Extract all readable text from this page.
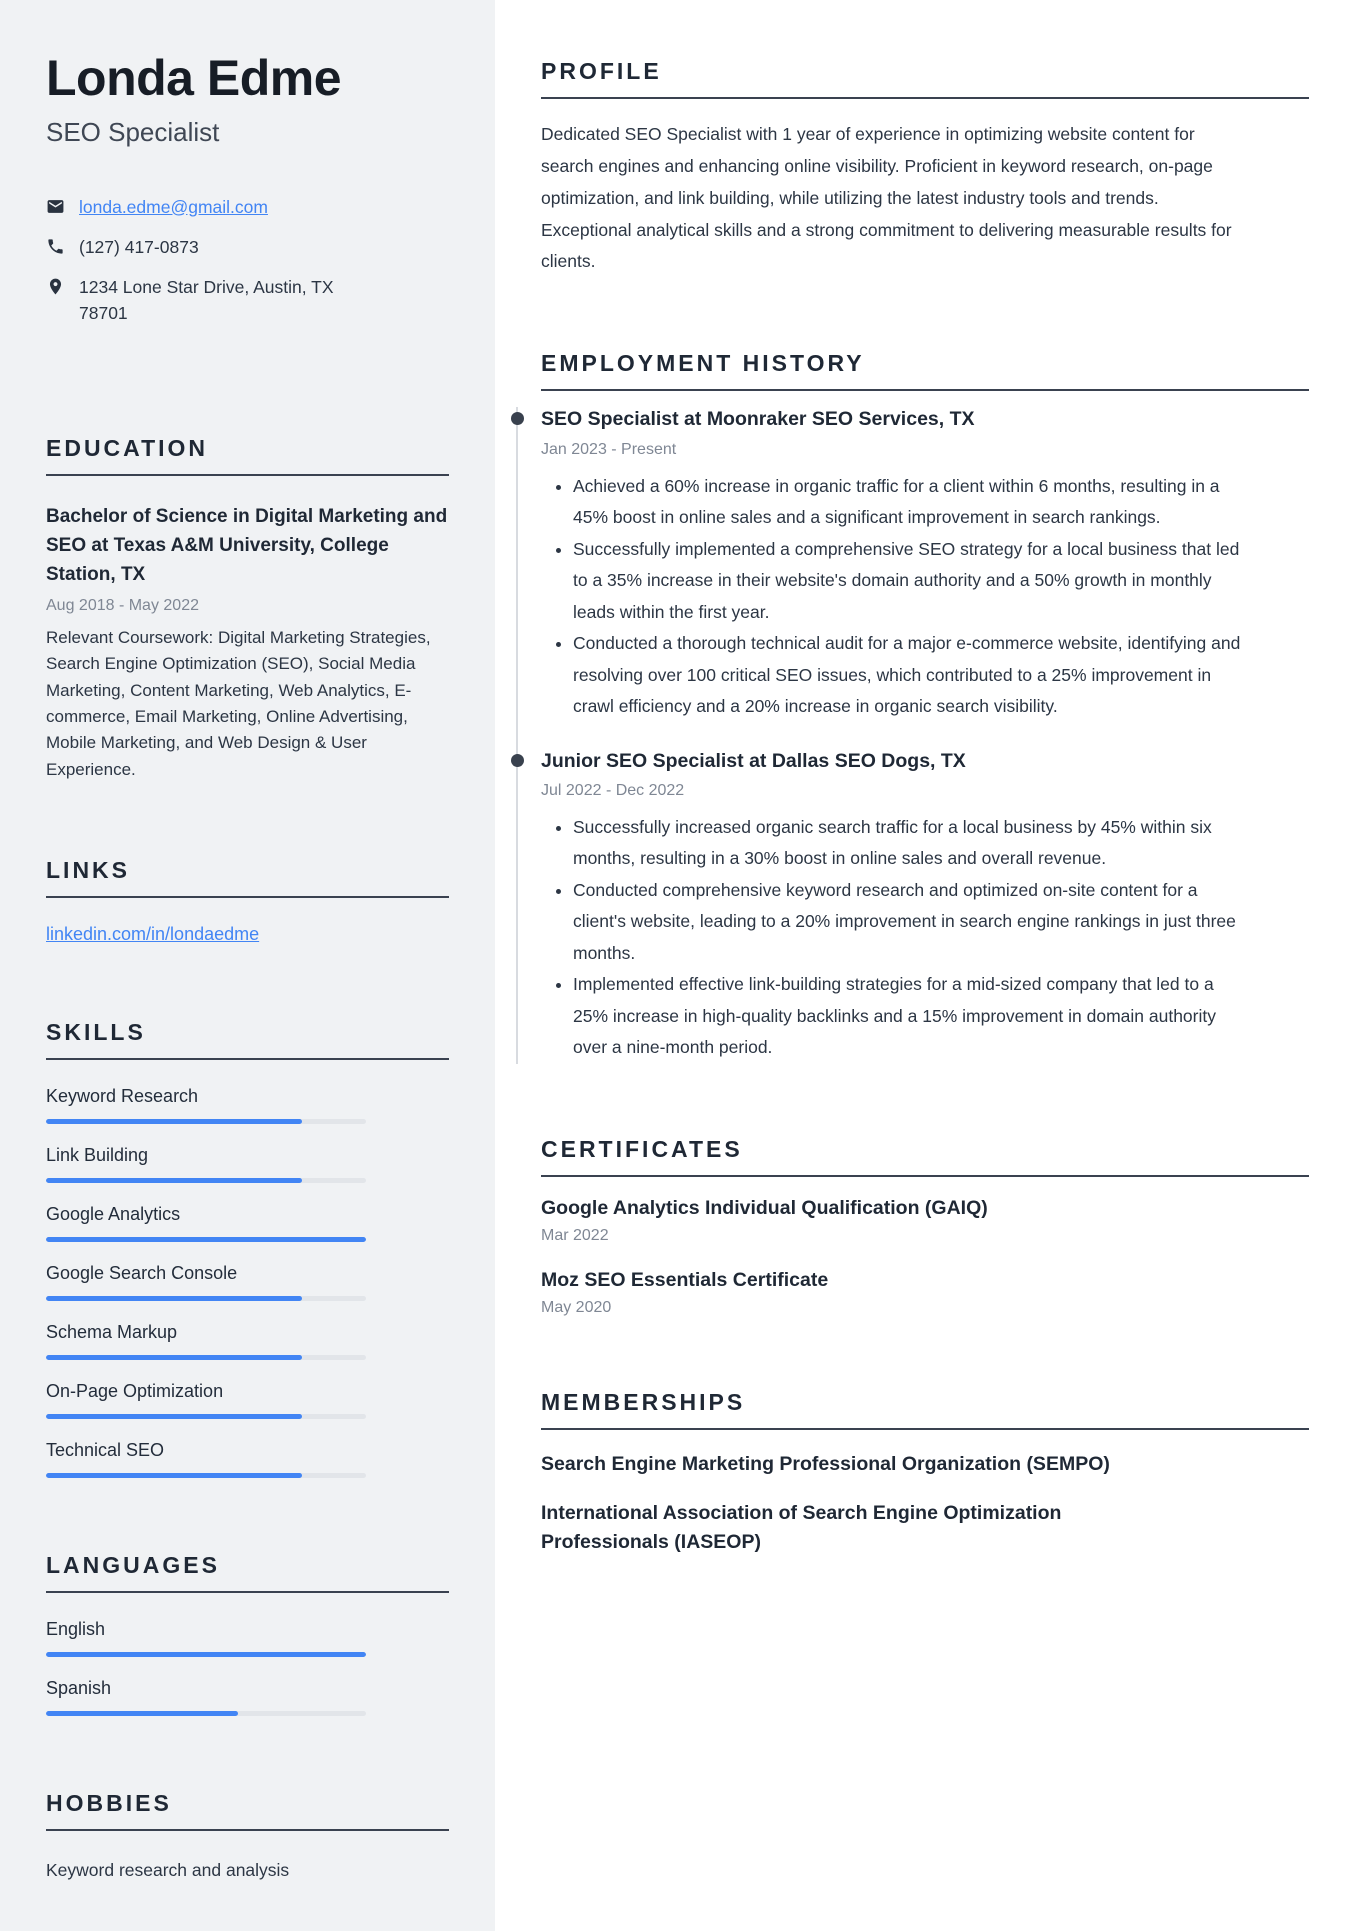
Londa Edme
SEO Specialist
londa.edme@gmail.com
(127) 417-0873
1234 Lone Star Drive, Austin, TX 78701
EDUCATION
Bachelor of Science in Digital Marketing and SEO at Texas A&M University, College Station, TX
Aug 2018 - May 2022
Relevant Coursework: Digital Marketing Strategies, Search Engine Optimization (SEO), Social Media Marketing, Content Marketing, Web Analytics, E-commerce, Email Marketing, Online Advertising, Mobile Marketing, and Web Design & User Experience.
LINKS
linkedin.com/in/londaedme
SKILLS
Keyword Research
Link Building
Google Analytics
Google Search Console
Schema Markup
On-Page Optimization
Technical SEO
LANGUAGES
English
Spanish
HOBBIES
Keyword research and analysis
PROFILE

Dedicated SEO Specialist with 1 year of experience in optimizing website content for search engines and enhancing online visibility. Proficient in keyword research, on-page optimization, and link building, while utilizing the latest industry tools and trends. Exceptional analytical skills and a strong commitment to delivering measurable results for clients.

EMPLOYMENT HISTORY
SEO Specialist at Moonraker SEO Services, TX
Jan 2023 - Present
• Achieved a 60% increase in organic traffic for a client within 6 months, resulting in a 45% boost in online sales and a significant improvement in search rankings.
• Successfully implemented a comprehensive SEO strategy for a local business that led to a 35% increase in their website's domain authority and a 50% growth in monthly leads within the first year.
• Conducted a thorough technical audit for a major e-commerce website, identifying and resolving over 100 critical SEO issues, which contributed to a 25% improvement in crawl efficiency and a 20% increase in organic search visibility.
Junior SEO Specialist at Dallas SEO Dogs, TX
Jul 2022 - Dec 2022
• Successfully increased organic search traffic for a local business by 45% within six months, resulting in a 30% boost in online sales and overall revenue.
• Conducted comprehensive keyword research and optimized on-site content for a client's website, leading to a 20% improvement in search engine rankings in just three months.
• Implemented effective link-building strategies for a mid-sized company that led to a 25% increase in high-quality backlinks and a 15% improvement in domain authority over a nine-month period.
CERTIFICATES
Google Analytics Individual Qualification (GAIQ)
Mar 2022
Moz SEO Essentials Certificate
May 2020
MEMBERSHIPS
Search Engine Marketing Professional Organization (SEMPO)
International Association of Search Engine Optimization Professionals (IASEOP)
